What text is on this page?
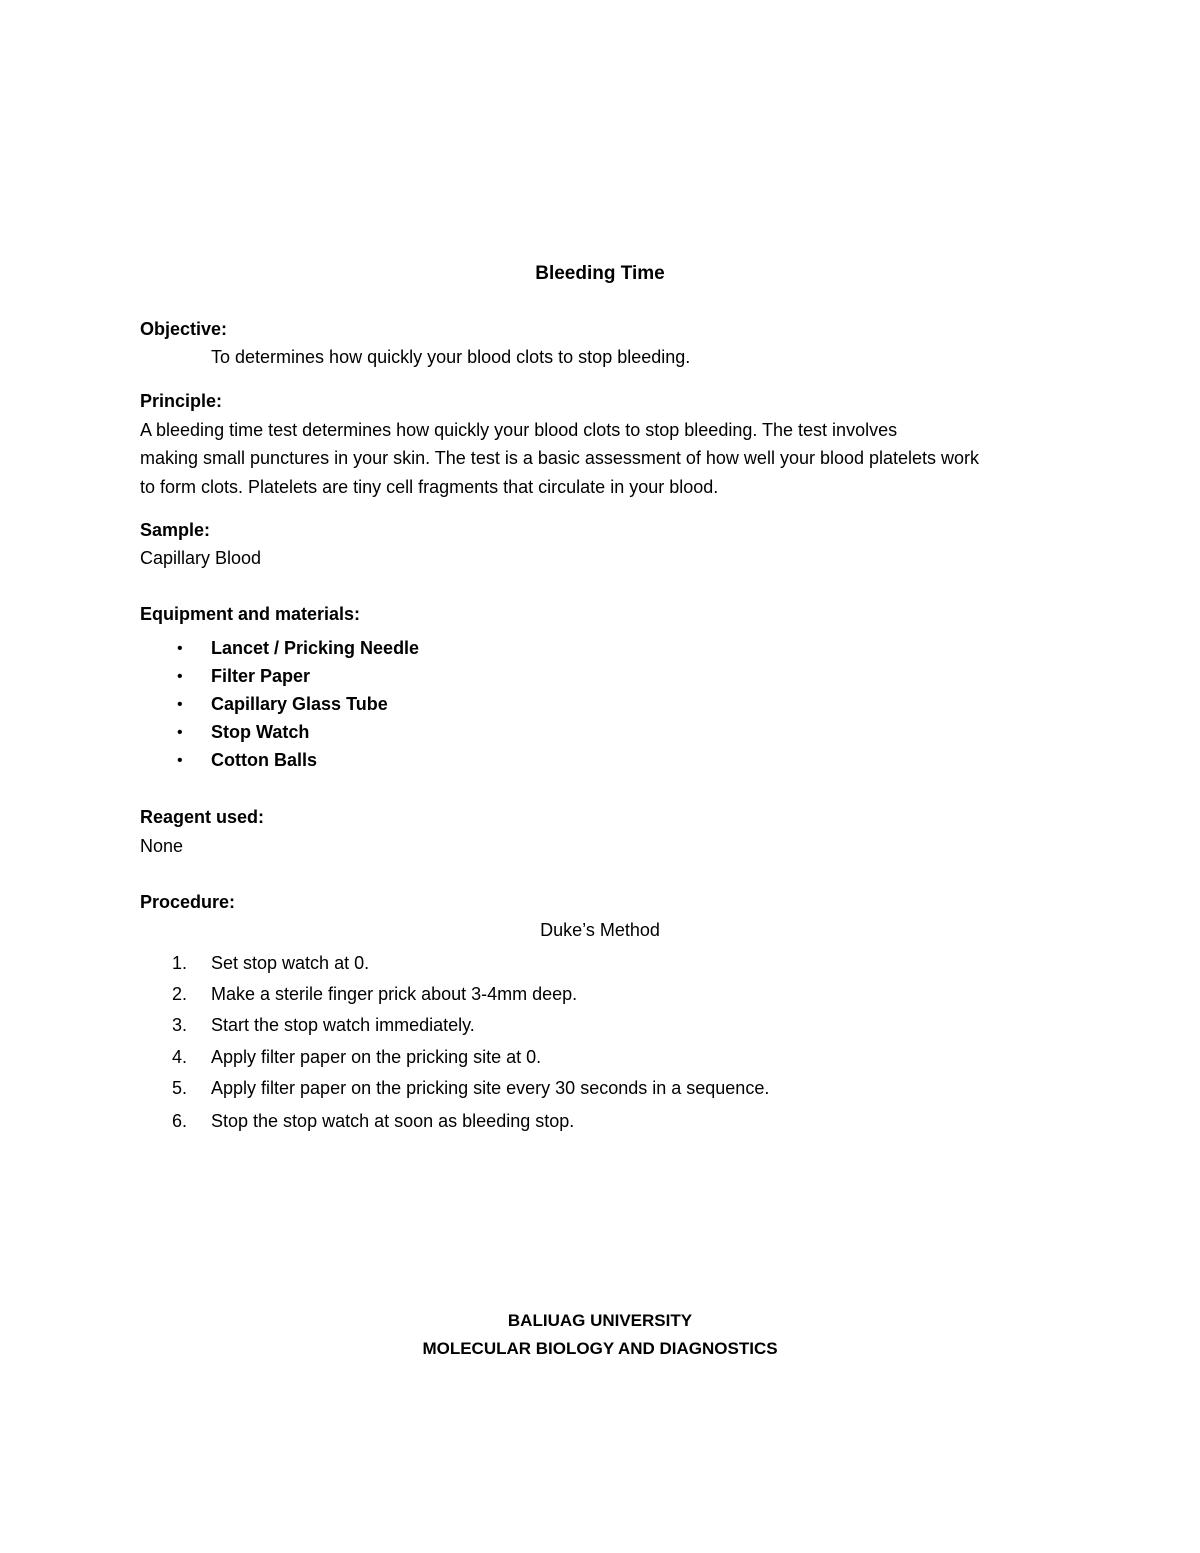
Bleeding Time
Objective:
To determines how quickly your blood clots to stop bleeding.
Principle:
A bleeding time test determines how quickly your blood clots to stop bleeding. The test involves
making small punctures in your skin. The test is a basic assessment of how well your blood platelets work
to form clots. Platelets are tiny cell fragments that circulate in your blood.
Sample:
Capillary Blood
Equipment and materials:
• Lancet / Pricking Needle
• Filter Paper
• Capillary Glass Tube
• Stop Watch
• Cotton Balls
Reagent used:
None
Procedure:
Duke’s Method
1. Set stop watch at 0.
2. Make a sterile finger prick about 3-4mm deep.
3. Start the stop watch immediately.
4. Apply filter paper on the pricking site at 0.
5. Apply filter paper on the pricking site every 30 seconds in a sequence.
6. Stop the stop watch at soon as bleeding stop.
BALIUAG UNIVERSITY
MOLECULAR BIOLOGY AND DIAGNOSTICS
